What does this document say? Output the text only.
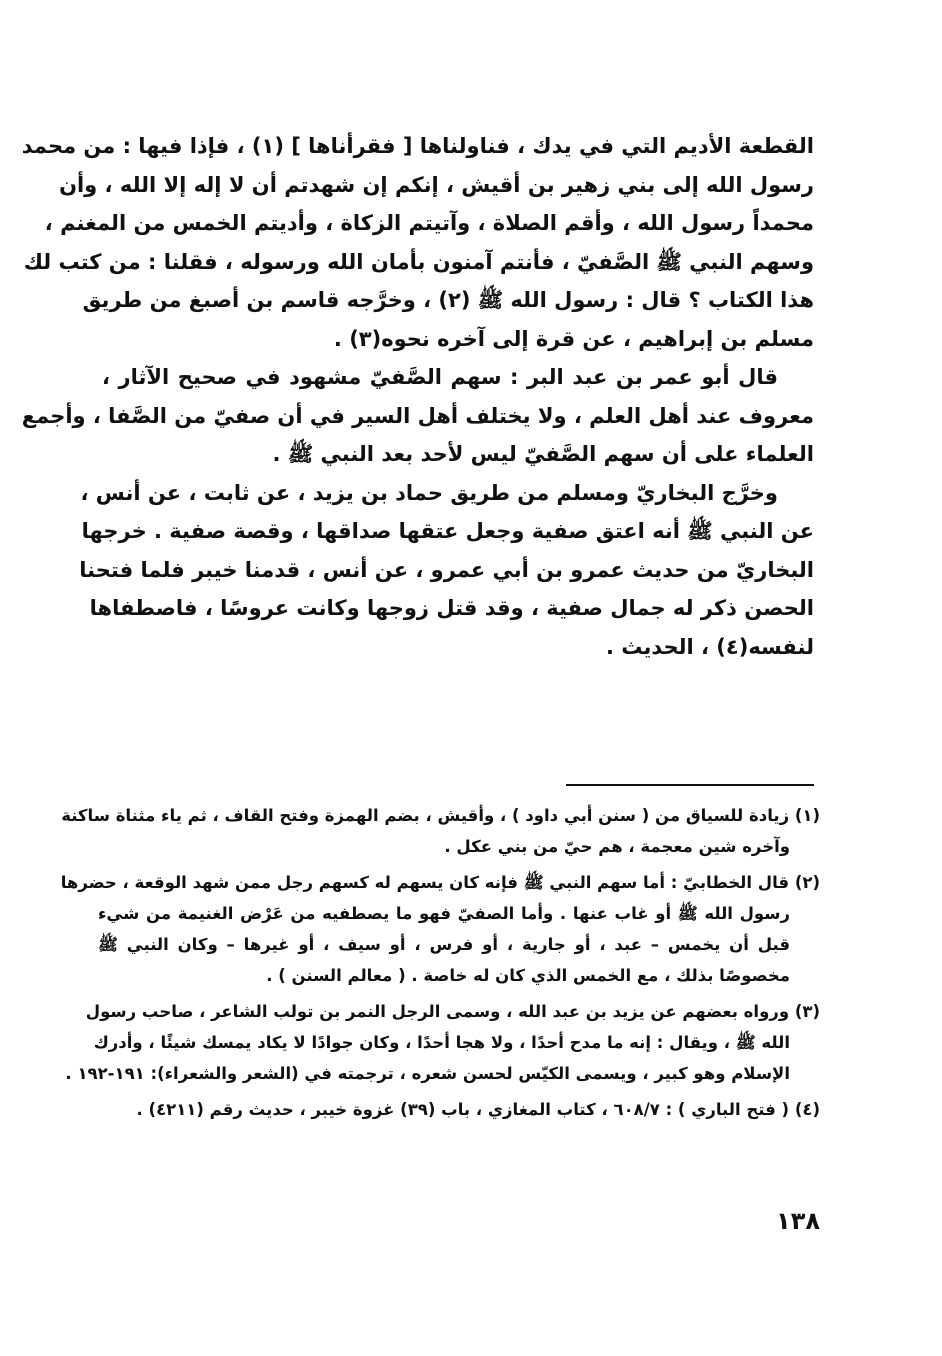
القطعة الأديم التي في يدك ، فناولناها [ فقرأناها ] (١) ، فإذا فيها : من محمد
رسول الله إلى بني زهير بن أقيش ، إنكم إن شهدتم أن لا إله إلا الله ، وأن
محمداً رسول الله ، وأقم الصلاة ، وآتيتم الزكاة ، وأديتم الخمس من المغنم ،
وسهم النبي ﷺ الصَّفيّ ، فأنتم آمنون بأمان الله ورسوله ، فقلنا : من كتب لك
هذا الكتاب ؟ قال : رسول الله ﷺ (٢) ، وخرَّجه قاسم بن أصبغ من طريق
مسلم بن إبراهيم ، عن قرة إلى آخره نحوه(٣) .
قال أبو عمر بن عبد البر : سهم الصَّفيّ مشهود في صحيح الآثار ،
معروف عند أهل العلم ، ولا يختلف أهل السير في أن صفيّ من الصَّفا ، وأجمع
العلماء على أن سهم الصَّفيّ ليس لأحد بعد النبي ﷺ .
وخرَّج البخاريّ ومسلم من طريق حماد بن يزيد ، عن ثابت ، عن أنس ،
عن النبي ﷺ أنه اعتق صفية وجعل عتقها صداقها ، وقصة صفية . خرجها
البخاريّ من حديث عمرو بن أبي عمرو ، عن أنس ، قدمنا خيبر فلما فتحنا
الحصن ذكر له جمال صفية ، وقد قتل زوجها وكانت عروسًا ، فاصطفاها
لنفسه(٤) ، الحديث .
(١) زيادة للسياق من ( سنن أبي داود ) ، وأقيش ، بضم الهمزة وفتح القاف ، ثم ياء مثناة ساكنة
وآخره شين معجمة ، هم حيّ من بني عكل .
(٢) قال الخطابيّ : أما سهم النبي ﷺ فإنه كان يسهم له كسهم رجل ممن شهد الوقعة ، حضرها
رسول الله ﷺ أو غاب عنها . وأما الصفيّ فهو ما يصطفيه من عَرْض الغنيمة من شيء
قبل أن يخمس – عبد ، أو جارية ، أو فرس ، أو سيف ، أو غيرها – وكان النبي ﷺ
مخصوصًا بذلك ، مع الخمس الذي كان له خاصة . ( معالم السنن ) .
(٣) ورواه بعضهم عن يزيد بن عبد الله ، وسمى الرجل النمر بن تولب الشاعر ، صاحب رسول
الله ﷺ ، ويقال : إنه ما مدح أحدًا ، ولا هجا أحدًا ، وكان جوادًا لا يكاد يمسك شيئًا ، وأدرك
الإسلام وهو كبير ، ويسمى الكيّس لحسن شعره ، ترجمته في (الشعر والشعراء): ١٩١-١٩٢ .
(٤) ( فتح الباري ) : ٦٠٨/٧ ، كتاب المغازي ، باب (٣٩) غزوة خيبر ، حديث رقم (٤٢١١) .
١٣٨
